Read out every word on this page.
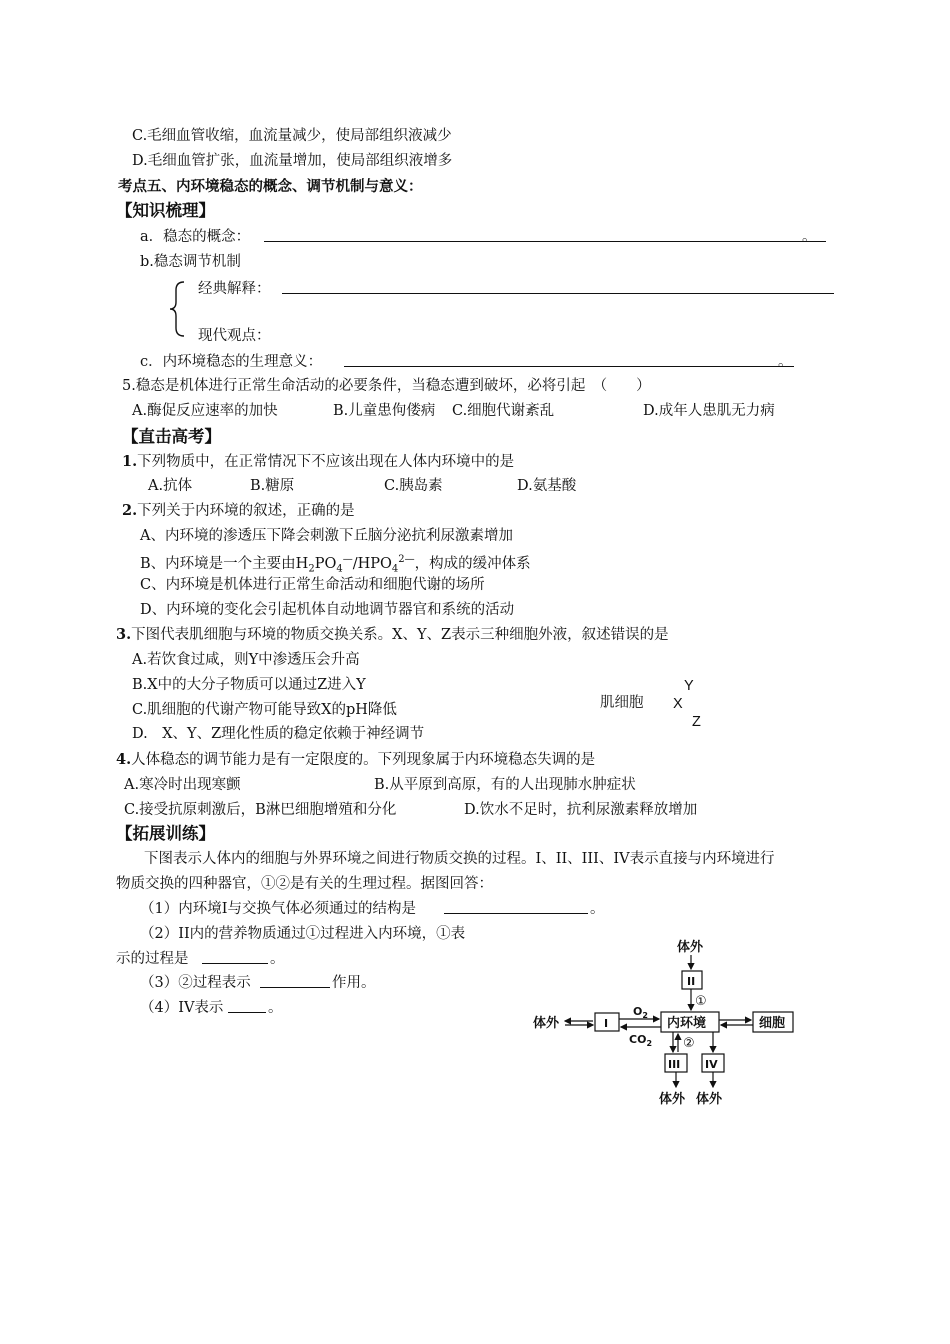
C.毛细血管收缩，血流量减少，使局部组织液减少
D.毛细血管扩张，血流量增加，使局部组织液增多
考点五、内环境稳态的概念、调节机制与意义：
【知识梳理】
a．稳态的概念：	。
b.稳态调节机制
经典解释：
现代观点：
c．内环境稳态的生理意义：	。
5.稳态是机体进行正常生命活动的必要条件，当稳态遭到破坏，必将引起　（　　）
A.酶促反应速率的加快	B.儿童患佝偻病 C.细胞代谢紊乱	D.成年人患肌无力病
【直击高考】
1.下列物质中，在正常情况下不应该出现在人体内环境中的是
A.抗体	B.糖原	C.胰岛素	D.氨基酸
2.下列关于内环境的叙述，正确的是
A、内环境的渗透压下降会刺激下丘脑分泌抗利尿激素增加
B、内环境是一个主要由$H_2PO_4^—/HPO_4^{2—}$，构成的缓冲体系
C、内环境是机体进行正常生命活动和细胞代谢的场所
D、内环境的变化会引起机体自动地调节器官和系统的活动
3.下图代表肌细胞与环境的物质交换关系。X、Y、Z表示三种细胞外液，叙述错误的是
A.若饮食过咸，则Y中渗透压会升高
B.X中的大分子物质可以通过Z进入Y
C.肌细胞的代谢产物可能导致X的pH降低
D.　X、Y、Z理化性质的稳定依赖于神经调节
肌细胞 X
Y
Z
4.人体稳态的调节能力是有一定限度的。下列现象属于内环境稳态失调的是
A.寒冷时出现寒颤	B.从平原到高原，有的人出现肺水肿症状
C.接受抗原刺激后，B淋巴细胞增殖和分化	D.饮水不足时，抗利尿激素释放增加
【拓展训练】
下图表示人体内的细胞与外界环境之间进行物质交换的过程。I、II、III、IV表示直接与内环境进行
物质交换的四种器官，①②是有关的生理过程。据图回答：
（1）内环境I与交换气体必须通过的结构是	。
（2）II内的营养物质通过①过程进入内环境，①表
示的过程是	。
（3）②过程表示	作用。
（4）IV表示	。
体外
II
①
内环境
体外	I
$O_2$
$CO_2$
细胞
②
III IV
体外 体外
